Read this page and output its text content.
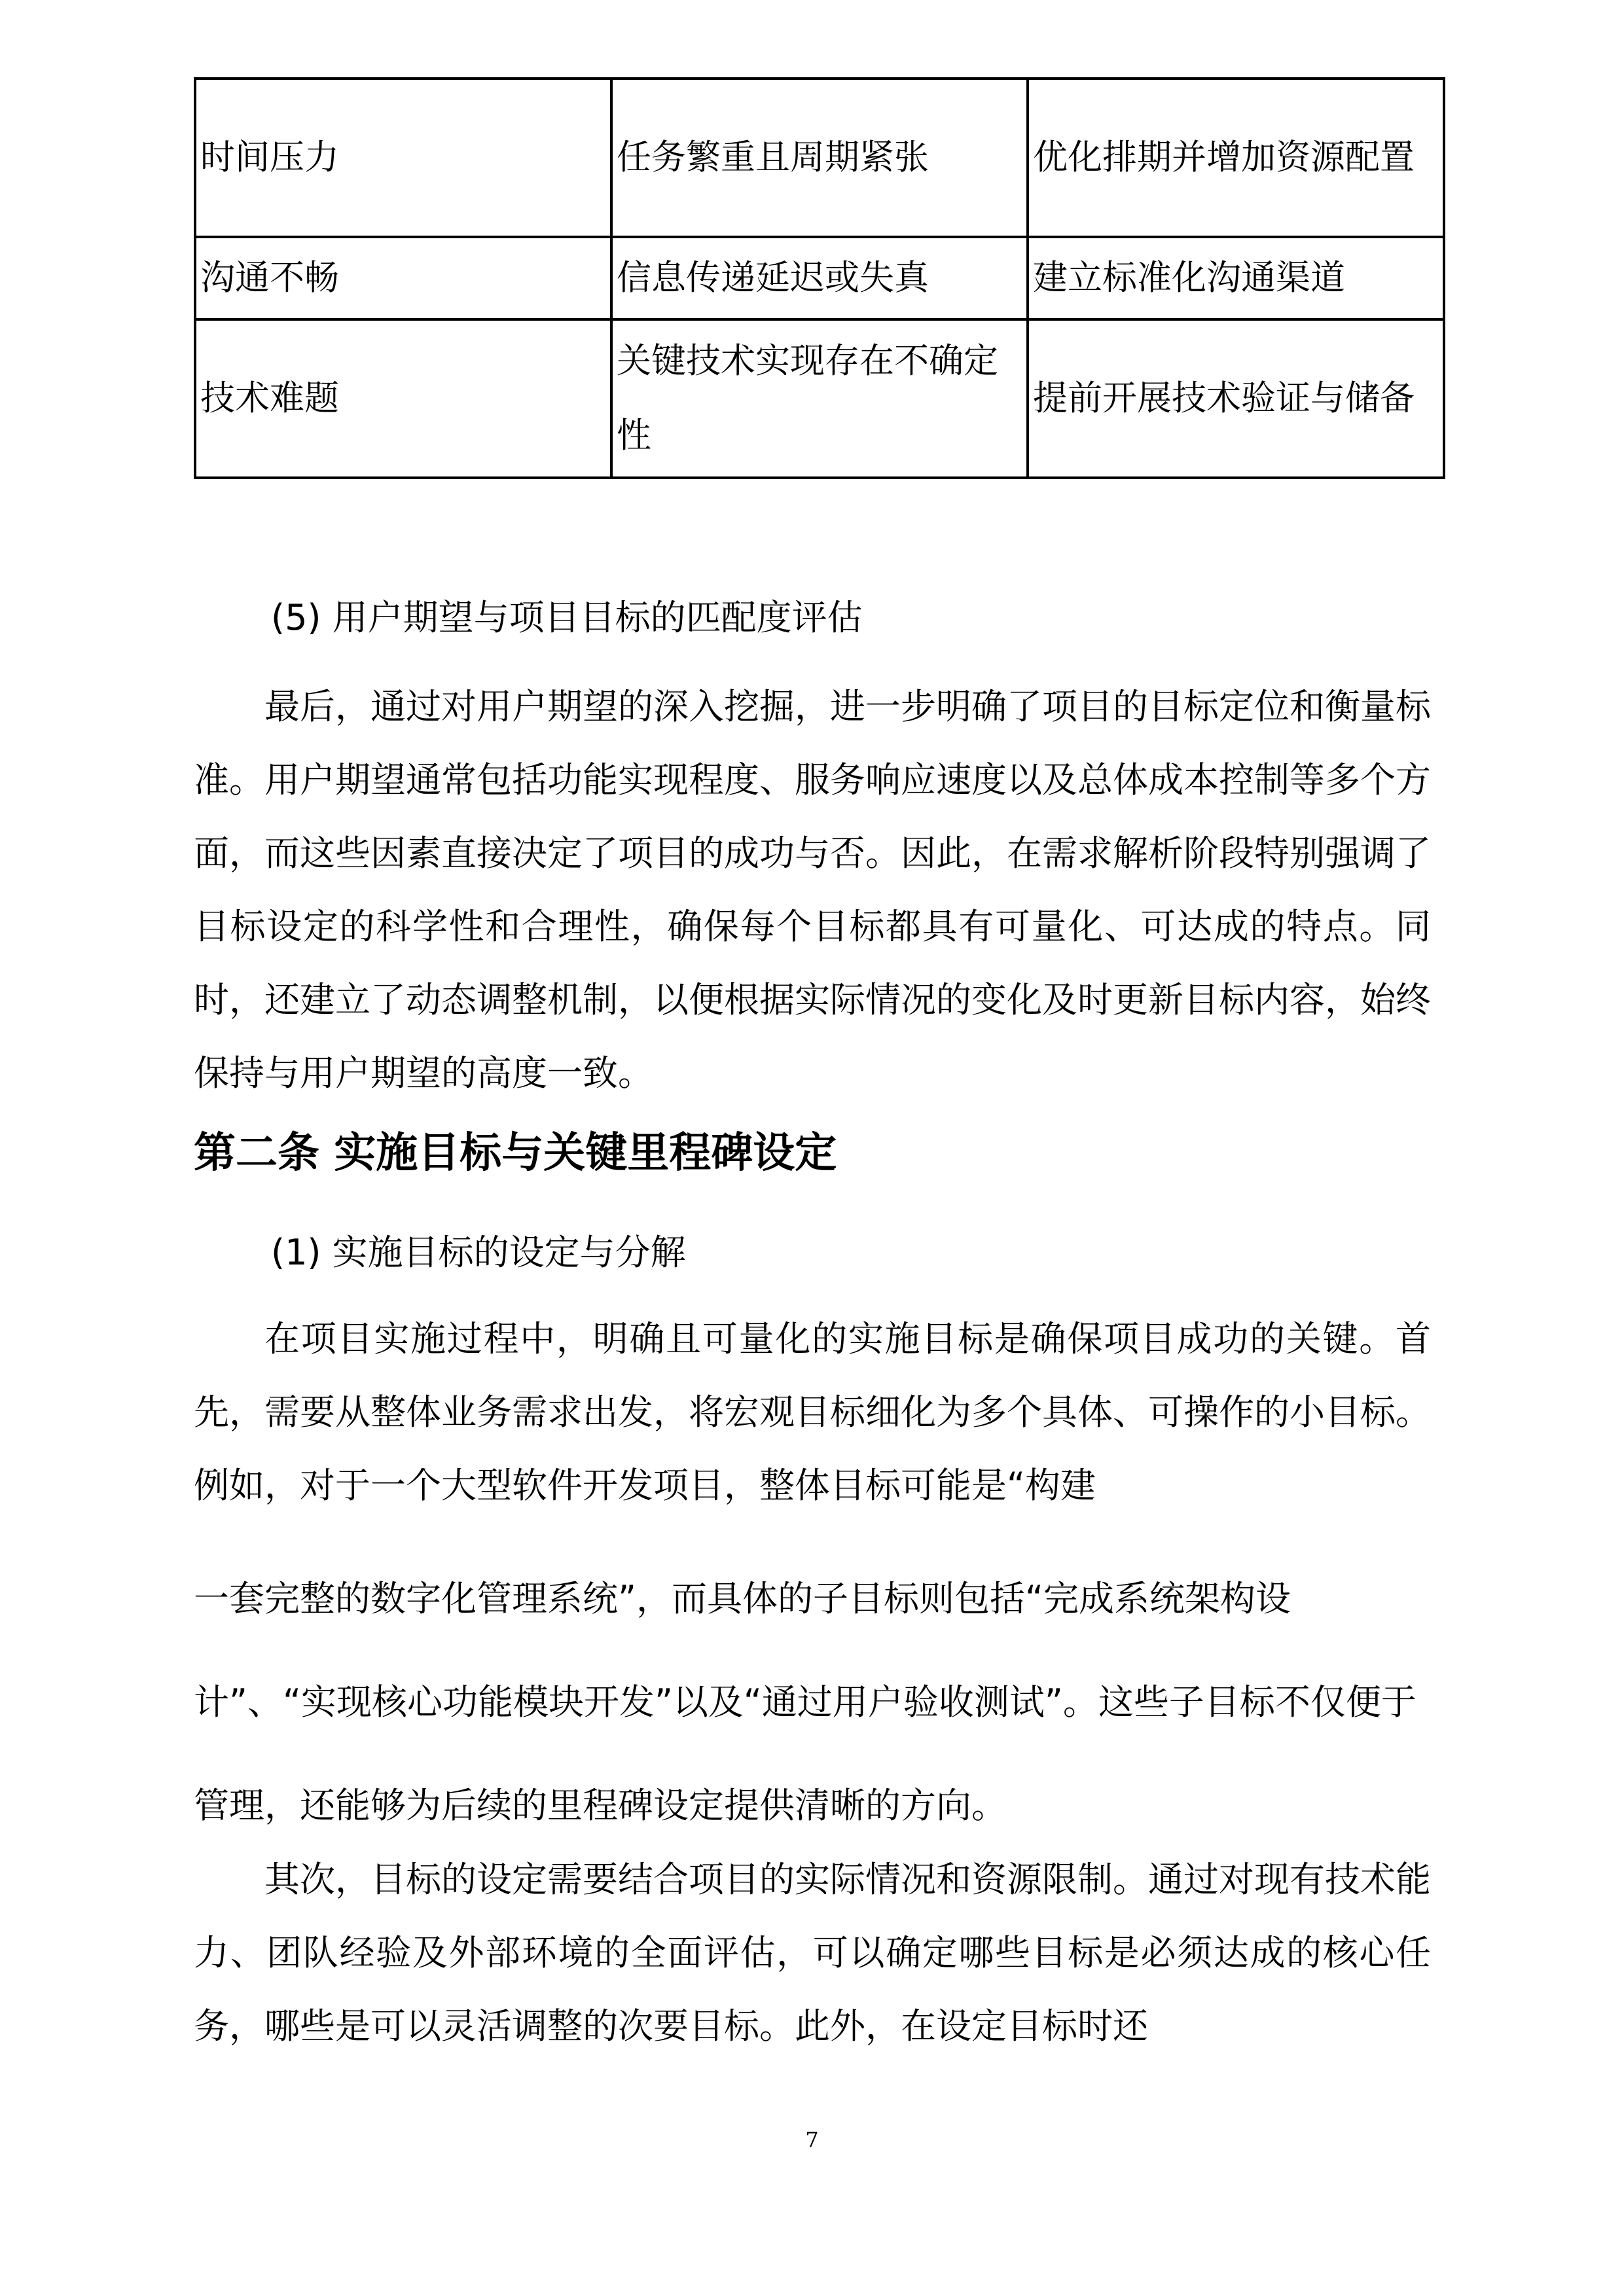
时间压力	任务繁重且周期紧张	优化排期并增加资源配置
沟通不畅	信息传递延迟或失真	建立标准化沟通渠道
技术难题	关键技术实现存在不确定性	提前开展技术验证与储备
(5) 用户期望与项目目标的匹配度评估
最后，通过对用户期望的深入挖掘，进一步明确了项目的目标定位和衡量标准。用户期望通常包括功能实现程度、服务响应速度以及总体成本控制等多个方面，而这些因素直接决定了项目的成功与否。因此，在需求解析阶段特别强调了目标设定的科学性和合理性，确保每个目标都具有可量化、可达成的特点。同时，还建立了动态调整机制，以便根据实际情况的变化及时更新目标内容，始终保持与用户期望的高度一致。
第二条 实施目标与关键里程碑设定
(1) 实施目标的设定与分解
在项目实施过程中，明确且可量化的实施目标是确保项目成功的关键。首先，需要从整体业务需求出发，将宏观目标细化为多个具体、可操作的小目标。例如，对于一个大型软件开发项目，整体目标可能是“构建
一套完整的数字化管理系统”，而具体的子目标则包括“完成系统架构设计”、“实现核心功能模块开发”以及“通过用户验收测试”。这些子目标不仅便于管理，还能够为后续的里程碑设定提供清晰的方向。
其次，目标的设定需要结合项目的实际情况和资源限制。通过对现有技术能力、团队经验及外部环境的全面评估，可以确定哪些目标是必须达成的核心任务，哪些是可以灵活调整的次要目标。此外，在设定目标时还
7
